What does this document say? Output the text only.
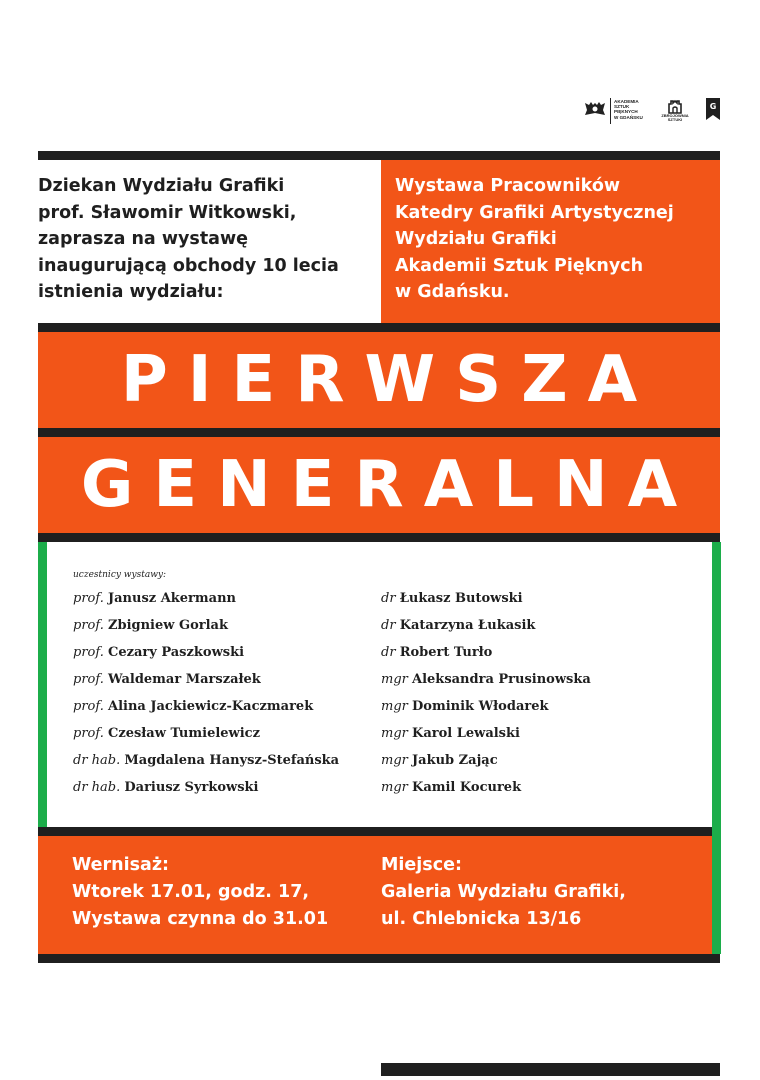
AKADEMIA
SZTUK
PIĘKNYCH
W GDAŃSKU	ZBROJOWNIA
SZTUKI
G
Dziekan Wydziału Grafiki
prof. Sławomir Witkowski,
zaprasza na wystawę
inaugurującą obchody 10 lecia
istnienia wydziału:
Wystawa Pracowników
Katedry Grafiki Artystycznej
Wydziału Grafiki
Akademii Sztuk Pięknych
w Gdańsku.
PIERWSZA
GENERALNA
uczestnicy wystawy:
prof. Janusz Akermann
prof. Zbigniew Gorlak
prof. Cezary Paszkowski
prof. Waldemar Marszałek
prof. Alina Jackiewicz-Kaczmarek
prof. Czesław Tumielewicz
dr hab. Magdalena Hanysz-Stefańska
dr hab. Dariusz Syrkowski
dr Łukasz Butowski
dr Katarzyna Łukasik
dr Robert Turło
mgr Aleksandra Prusinowska
mgr Dominik Włodarek
mgr Karol Lewalski
mgr Jakub Zając
mgr Kamil Kocurek
Wernisaż:
Wtorek 17.01, godz. 17,
Wystawa czynna do 31.01
Miejsce:
Galeria Wydziału Grafiki,
ul. Chlebnicka 13/16
